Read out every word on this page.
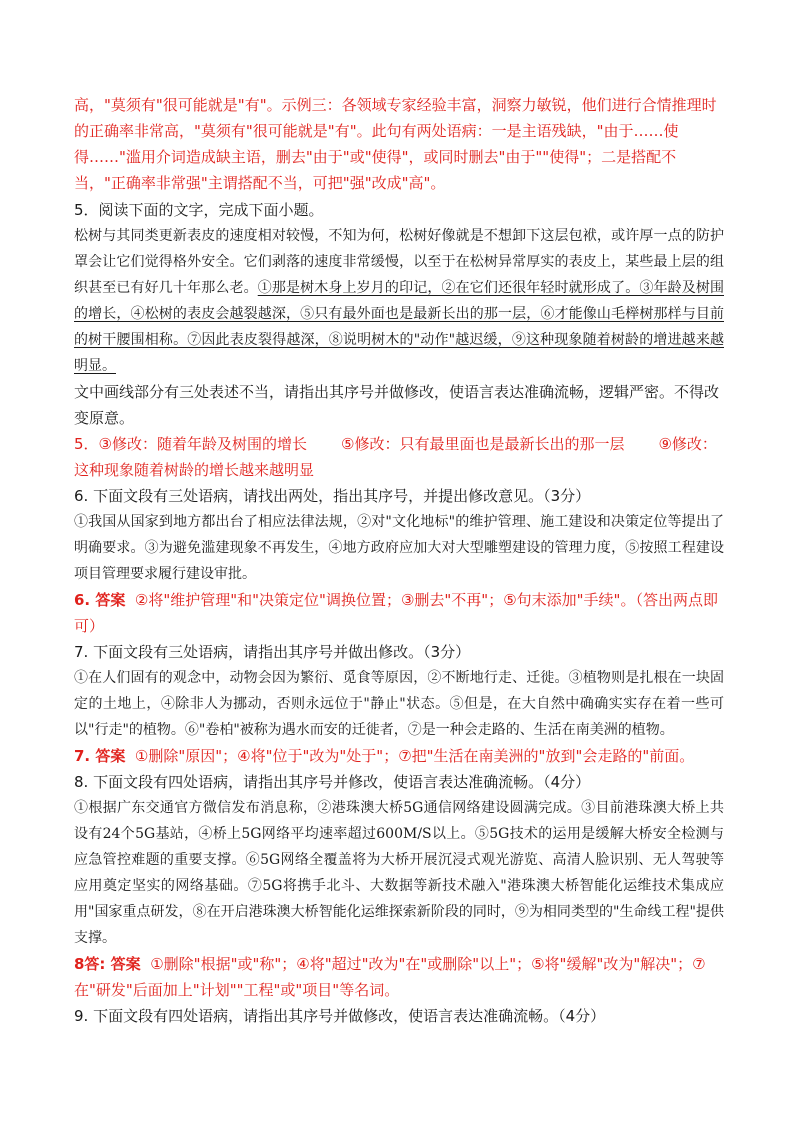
高，"莫须有"很可能就是"有"。示例三：各领域专家经验丰富，洞察力敏锐，他们进行合情推理时的正确率非常高，"莫须有"很可能就是"有"。此句有两处语病：一是主语残缺，"由于……使得……"滥用介词造成缺主语，删去"由于"或"使得"，或同时删去"由于""使得"；二是搭配不当，"正确率非常强"主谓搭配不当，可把"强"改成"高"。

5．阅读下面的文字，完成下面小题。

松树与其同类更新表皮的速度相对较慢，不知为何，松树好像就是不想卸下这层包袱，或许厚一点的防护罩会让它们觉得格外安全。它们剥落的速度非常缓慢，以至于在松树异常厚实的表皮上，某些最上层的组织甚至已有好几十年那么老。①那是树木身上岁月的印记，②在它们还很年轻时就形成了。③年龄及树围的增长，④松树的表皮会越裂越深，⑤只有最外面也是最新长出的那一层，⑥才能像山毛榉树那样与目前的树干腰围相称。⑦因此表皮裂得越深，⑧说明树木的"动作"越迟缓，⑨这种现象随着树龄的增进越来越明显。

文中画线部分有三处表述不当，请指出其序号并做修改，使语言表达准确流畅，逻辑严密。不得改变原意。

5．③修改：随着年龄及树围的增长 ⑤修改：只有最里面也是最新长出的那一层 ⑨修改：这种现象随着树龄的增长越来越明显

6. 下面文段有三处语病，请找出两处，指出其序号，并提出修改意见。（3分）

①我国从国家到地方都出台了相应法律法规，②对"文化地标"的维护管理、施工建设和决策定位等提出了明确要求。③为避免滥建现象不再发生，④地方政府应加大对大型雕塑建设的管理力度，⑤按照工程建设项目管理要求履行建设审批。

6. 答案 ②将"维护管理"和"决策定位"调换位置；③删去"不再"；⑤句末添加"手续"。（答出两点即可）

7. 下面文段有三处语病，请指出其序号并做出修改。（3分）

①在人们固有的观念中，动物会因为繁衍、觅食等原因，②不断地行走、迁徙。③植物则是扎根在一块固定的土地上，④除非人为挪动，否则永远位于"静止"状态。⑤但是，在大自然中确确实实存在着一些可以"行走"的植物。⑥"卷柏"被称为遇水而安的迁徙者，⑦是一种会走路的、生活在南美洲的植物。

7. 答案 ①删除"原因"；④将"位于"改为"处于"；⑦把"生活在南美洲的"放到"会走路的"前面。

8. 下面文段有四处语病，请指出其序号并修改，使语言表达准确流畅。（4分）

①根据广东交通官方微信发布消息称，②港珠澳大桥5G通信网络建设圆满完成。③目前港珠澳大桥上共设有24个5G基站，④桥上5G网络平均速率超过600M/S以上。⑤5G技术的运用是缓解大桥安全检测与应急管控难题的重要支撑。⑥5G网络全覆盖将为大桥开展沉浸式观光游览、高清人脸识别、无人驾驶等应用奠定坚实的网络基础。⑦5G将携手北斗、大数据等新技术融入"港珠澳大桥智能化运维技术集成应用"国家重点研发，⑧在开启港珠澳大桥智能化运维探索新阶段的同时，⑨为相同类型的"生命线工程"提供支撑。

8答: 答案 ①删除"根据"或"称"；④将"超过"改为"在"或删除"以上"；⑤将"缓解"改为"解决"；⑦在"研发"后面加上"计划""工程"或"项目"等名词。

9. 下面文段有四处语病，请指出其序号并做修改，使语言表达准确流畅。（4分）
